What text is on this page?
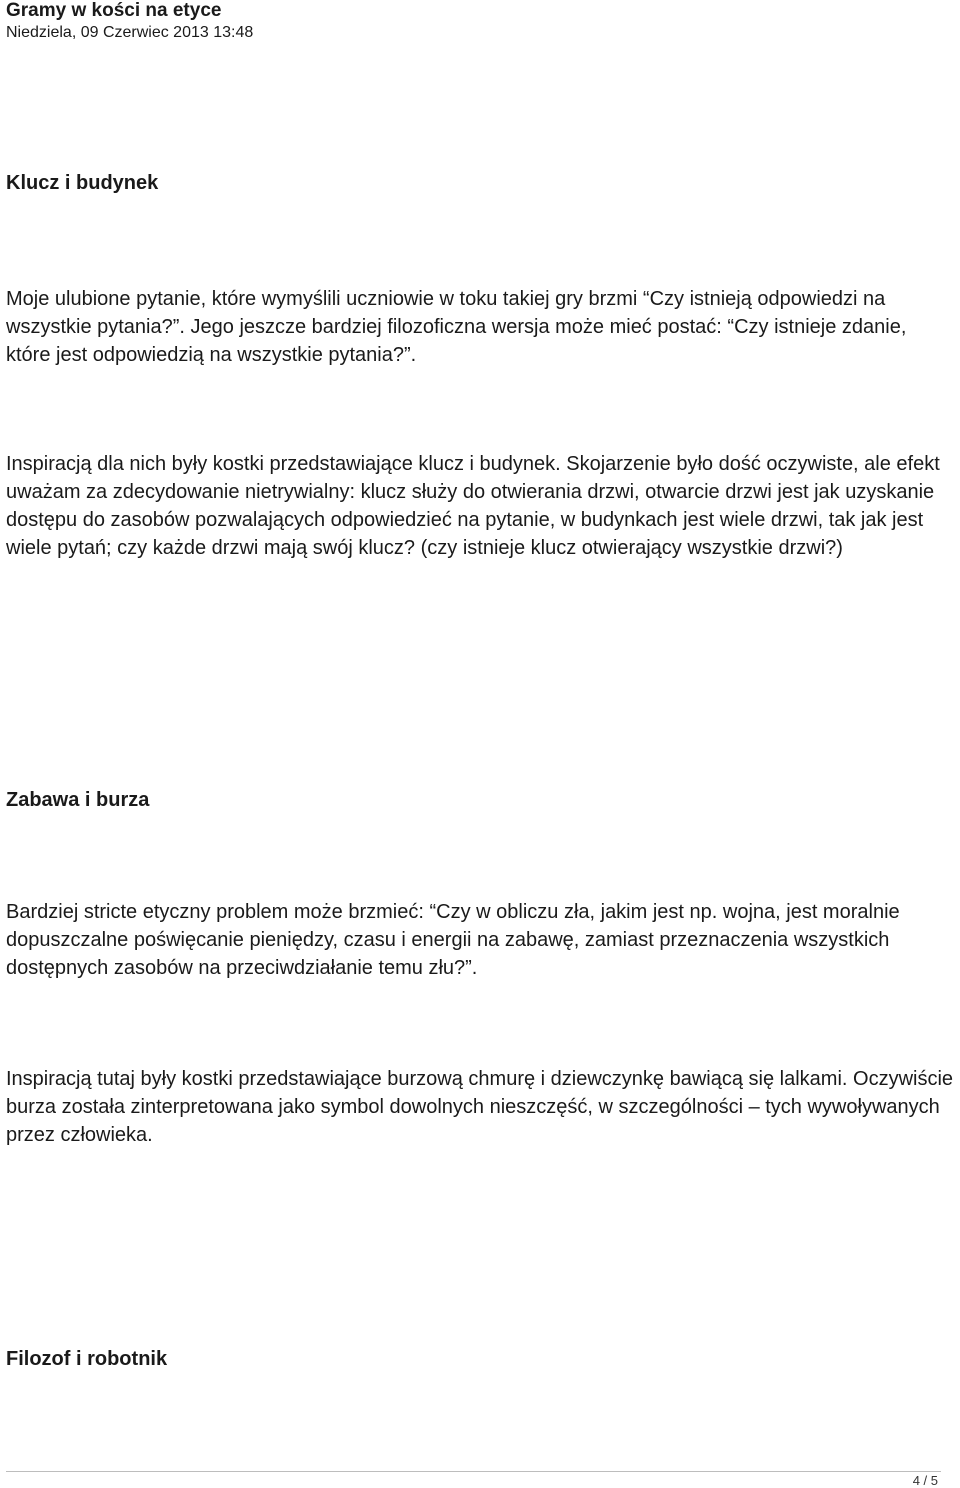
Gramy w kości na etyce
Niedziela, 09 Czerwiec 2013 13:48
Klucz i budynek

Moje ulubione pytanie, które wymyślili uczniowie w toku takiej gry brzmi “Czy istnieją odpowiedzi na wszystkie pytania?”. Jego jeszcze bardziej filozoficzna wersja może mieć postać: “Czy istnieje zdanie, które jest odpowiedzią na wszystkie pytania?”.

Inspiracją dla nich były kostki przedstawiające klucz i budynek. Skojarzenie było dość oczywiste, ale efekt uważam za zdecydowanie nietrywialny: klucz służy do otwierania drzwi, otwarcie drzwi jest jak uzyskanie dostępu do zasobów pozwalających odpowiedzieć na pytanie, w budynkach jest wiele drzwi, tak jak jest wiele pytań; czy każde drzwi mają swój klucz? (czy istnieje klucz otwierający wszystkie drzwi?)

Zabawa i burza

Bardziej stricte etyczny problem może brzmieć: “Czy w obliczu zła, jakim jest np. wojna, jest moralnie dopuszczalne poświęcanie pieniędzy, czasu i energii na zabawę, zamiast przeznaczenia wszystkich dostępnych zasobów na przeciwdziałanie temu złu?”.

Inspiracją tutaj były kostki przedstawiające burzową chmurę i dziewczynkę bawiącą się lalkami. Oczywiście burza została zinterpretowana jako symbol dowolnych nieszczęść, w szczególności – tych wywoływanych przez człowieka.

Filozof i robotnik
4 / 5
